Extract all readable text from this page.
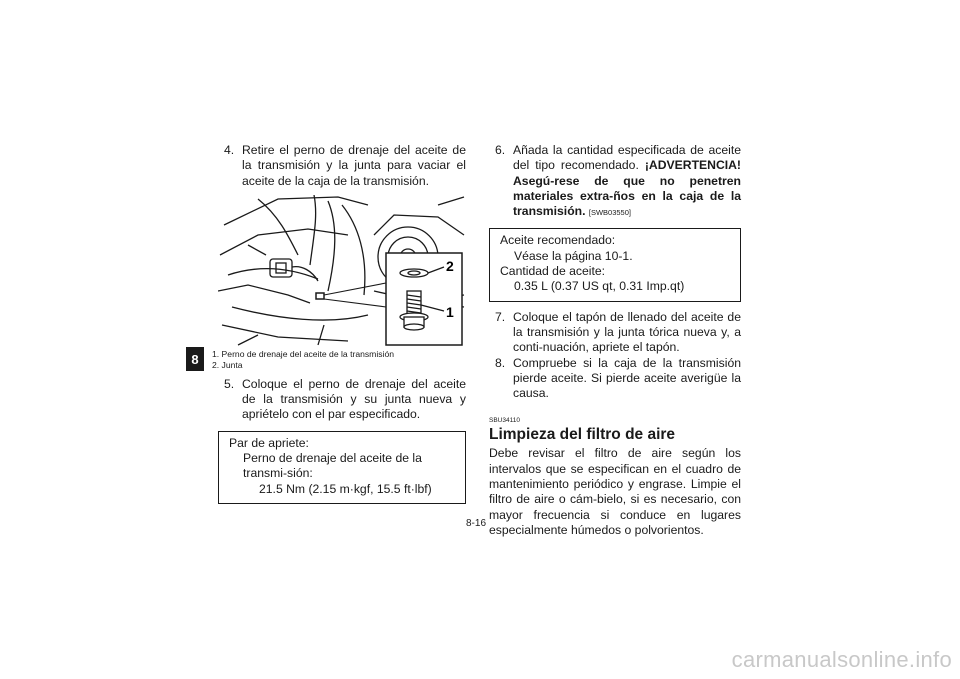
8

4. Retire el perno de drenaje del aceite de la transmisión y la junta para vaciar el aceite de la caja de la transmisión.

2
1
1. Perno de drenaje del aceite de la transmisión
2. Junta

5. Coloque el perno de drenaje del aceite de la transmisión y su junta nueva y apriételo con el par especificado.

Par de apriete:
Perno de drenaje del aceite de la transmi-sión:
21.5 Nm (2.15 m·kgf, 15.5 ft·lbf)

6. Añada la cantidad especificada de aceite del tipo recomendado. ¡ADVERTENCIA! Asegú-rese de que no penetren materiales extra-ños en la caja de la transmisión. [SWB03550]

Aceite recomendado:
Véase la página 10-1.
Cantidad de aceite:
0.35 L (0.37 US qt, 0.31 Imp.qt)

7. Coloque el tapón de llenado del aceite de la transmisión y la junta tórica nueva y, a conti-nuación, apriete el tapón.

8. Compruebe si la caja de la transmisión pierde aceite. Si pierde aceite averigüe la causa.

SBU34110
Limpieza del filtro de aire

Debe revisar el filtro de aire según los intervalos que se especifican en el cuadro de mantenimiento periódico y engrase. Limpie el filtro de aire o cám-bielo, si es necesario, con mayor frecuencia si conduce en lugares especialmente húmedos o polvorientos.

8-16
carmanualsonline.info
